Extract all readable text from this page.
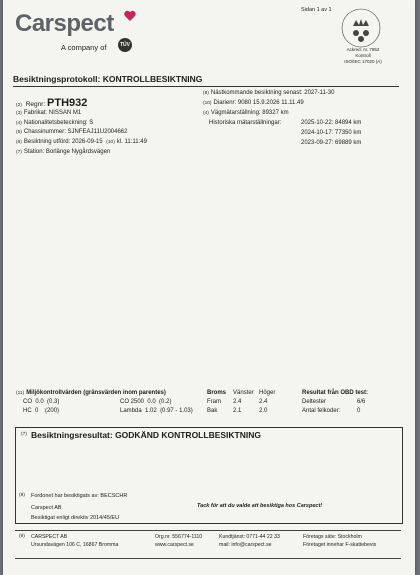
Carspect
A company of	TÜV
Sidan 1 av 1
Ackred. nr. 7952
Kontroll
ISO/IEC 17020 (A)
Besiktningsprotokoll: KONTROLLBESIKTNING
(2) Regnr: PTH932
(3) Fabrikat: NISSAN M1
(4) Nationalitetsbeteckning: S
(5) Chassinummer: SJNFEAJ11U2004662
(6) Besiktning utförd: 2026-09-15 (10) kl. 11:11:49
(7) Station: Borlänge Nygårdsvägen
(8) Nästkommande besiktning senast: 2027-11-30
(10) Diarienr: 9080 15.9.2026 11.11.49
(4) Vägmätarställning: 89327 km
Historiska mätarställningar:	2025-10-22: 84894 km
2024-10-17: 77350 km
2023-09-27: 69889 km
(11) Miljökontrollvärden (gränsvärden inom parentes)
CO 0.0 (0.3)
HC 0 (200)
CO 2500 0.0 (0.2)
Lambda 1.02 (0.97 - 1.03)
Broms Vänster Höger
Fram 2.4	2.4
Bak	2.1	2.0
Resultat från OBD test:
Deltester	6/6
Antal felkoder:	0
(7) Besiktningsresultat: GODKÄND KONTROLLBESIKTNING
(9) Fordonet har besiktigats av: BECSCHR
Carspect AB
Besiktigat enligt direktiv 2014/45/EU
Tack för att du valde att besiktiga hos Carspect!
(9) CARSPECT AB
Ursundavägen 106 C, 16867 Bromma
Org.nr. 556774-1110
www.carspect.se
Kundtjänst: 0771-44 22 33
mail: info@carspect.se
Företags säte: Stockholm
Företaget innehar F-skattebevis
